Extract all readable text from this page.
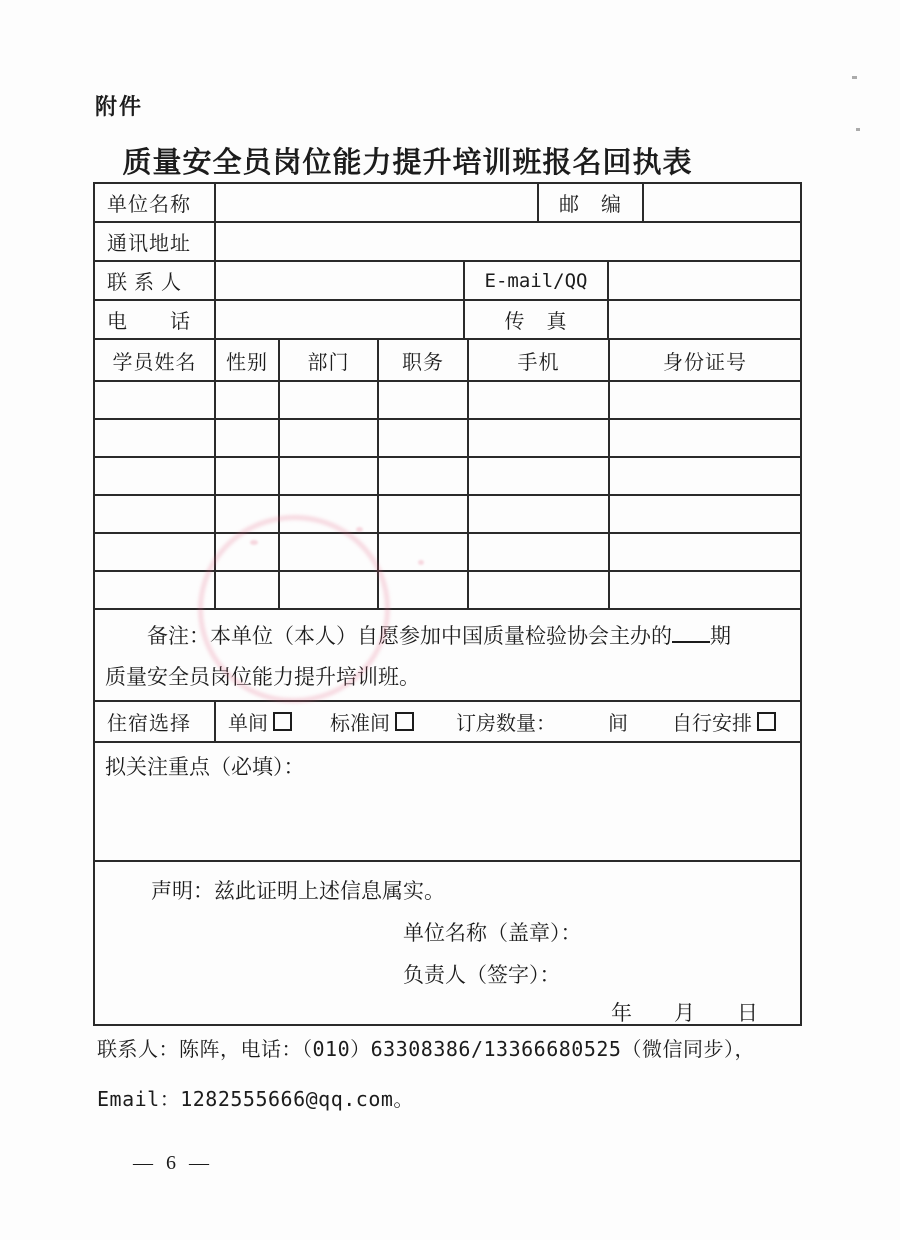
附件
质量安全员岗位能力提升培训班报名回执表
单位名称	邮　编
通讯地址
联 系 人	E-mail/QQ
电　　话	传　真
学员姓名	性别	部门	职务	手机	身份证号
备注：本单位（本人）自愿参加中国质量检验协会主办的 期
质量安全员岗位能力提升培训班。
住宿选择	单间	标准间	订房数量：	间 自行安排
拟关注重点（必填）：
声明：兹此证明上述信息属实。
单位名称（盖章）：
负责人（签字）：
年　　月　　日
联系人：陈阵，电话：（010）63308386/13366680525（微信同步），
Email：1282555666@qq.com。
— 6 —
